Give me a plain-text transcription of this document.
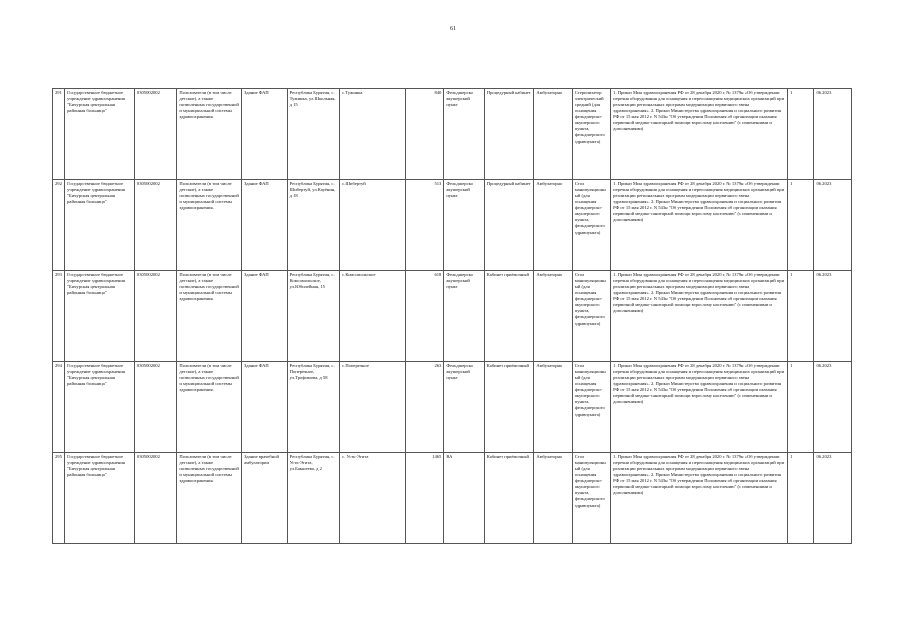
61
291	Государственное бюджетное учреждение здравоохранения "Бичурская центральная районная больница"	0305002002	Пользователи (в том числе детские), а также позволенных государственной и муниципальной системы здравоохранения.	Здание ФАП	Республика Бурятия, с. Тужинка, ул.Школьная, д 15	с.Тужинка	840	Фельдшерско акушерский пункт	Процедурный кабинет	Амбулаторно	Стерилизатор электрический средний (для оснащения фельдшерско-акушерского пункта, фельдшерского здравпункта)	1. Приказ Мин здравоохранения РФ от 28 декабря 2020 г. № 1379н «Об утверждении перечня оборудования для оснащения и переоснащения медицинских организаций при реализации региональных программ модернизации первичного звена здравоохранения». 2. Приказ Министерства здравоохранения и социального развития РФ от 15 мая 2012 г. N 543н "Об утверждении Положения об организации оказания первичной медико-санитарной помощи взрослому населению" (с изменениями и дополнениями)	1	06.2023
292	Государственное бюджетное учреждение здравоохранения "Бичурская центральная районная больница"	0305002002	Пользователи (в том числе детские), а также позволенных государственной и муниципальной системы здравоохранения.	Здание ФАП	Республика Бурятия, с. Шибертуй, ул.Кауёнин, д 18	с.Шибертуй	513	Фельдшерско акушерский пункт	Процедурный кабинет	Амбулаторно	Стол манипуляционный (для оснащения фельдшерско-акушерского пункта, фельдшерского здравпункта)	1. Приказ Мин здравоохранения РФ от 28 декабря 2020 г. № 1379н «Об утверждении перечня оборудования для оснащения и переоснащения медицинских организаций при реализации региональных программ модернизации первичного звена здравоохранения». 2. Приказ Министерства здравоохранения и социального развития РФ от 15 мая 2012 г. N 543н "Об утверждении Положения об организации оказания первичной медико-санитарной помощи взрослому населению" (с изменениями и дополнениями)	1	06.2023
293	Государственное бюджетное учреждение здравоохранения "Бичурская центральная районная больница"	0305002002	Пользователи (в том числе детские), а также позволенных государственной и муниципальной системы здравоохранения.	Здание ФАП	Республика Бурятия, с. Комсомольское, ул.Юбилейная, 15	с.Комсомольское	618	Фельдшерско акушерский пункт	Кабинет приёмочный	Амбулаторно	Стол манипуляционный (для оснащения фельдшерско-акушерского пункта, фельдшерского здравпункта)	1. Приказ Мин здравоохранения РФ от 28 декабря 2020 г. № 1379н «Об утверждении перечня оборудования для оснащения и переоснащения медицинских организаций при реализации региональных программ модернизации первичного звена здравоохранения». 2. Приказ Министерства здравоохранения и социального развития РФ от 15 мая 2012 г. N 543н "Об утверждении Положения об организации оказания первичной медико-санитарной помощи взрослому населению" (с изменениями и дополнениями)	1	06.2023
294	Государственное бюджетное учреждение здравоохранения "Бичурская центральная районная больница"	0305002002	Пользователи (в том числе детские), а также позволенных государственной и муниципальной системы здравоохранения.	Здание ФАП	Республика Бурятия, с. Поперечное, ул.Трофимова, д 58	с.Поперечное	263	Фельдшерско акушерский пункт	Кабинет приёмочный	Амбулаторно	Стол манипуляционный (для оснащения фельдшерско-акушерского пункта, фельдшерского здравпункта)	1. Приказ Мин здравоохранения РФ от 28 декабря 2020 г. № 1379н «Об утверждении перечня оборудования для оснащения и переоснащения медицинских организаций при реализации региональных программ модернизации первичного звена здравоохранения». 2. Приказ Министерства здравоохранения и социального развития РФ от 15 мая 2012 г. N 543н "Об утверждении Положения об организации оказания первичной медико-санитарной помощи взрослому населению" (с изменениями и дополнениями)	1	06.2023
295	Государственное бюджетное учреждение здравоохранения "Бичурская центральная районная больница"	0305002002	Пользователи (в том числе детские), а также позволенных государственной и муниципальной системы здравоохранения.	Здание врачебной амбулатории	Республика Бурятия, с. Усть-Эгита, ул.Бакшеева, д 2	с. Усть-Эгита	1465	ВА	Кабинет приёмочный	Амбулаторно	Стол манипуляционный (для оснащения фельдшерско-акушерского пункта, фельдшерского здравпункта)	1. Приказ Мин здравоохранения РФ от 28 декабря 2020 г. № 1379н «Об утверждении перечня оборудования для оснащения и переоснащения медицинских организаций при реализации региональных программ модернизации первичного звена здравоохранения». 2. Приказ Министерства здравоохранения и социального развития РФ от 15 мая 2012 г. N 543н "Об утверждении Положения об организации оказания первичной медико-санитарной помощи взрослому населению" (с изменениями и дополнениями)	1	06.2023
